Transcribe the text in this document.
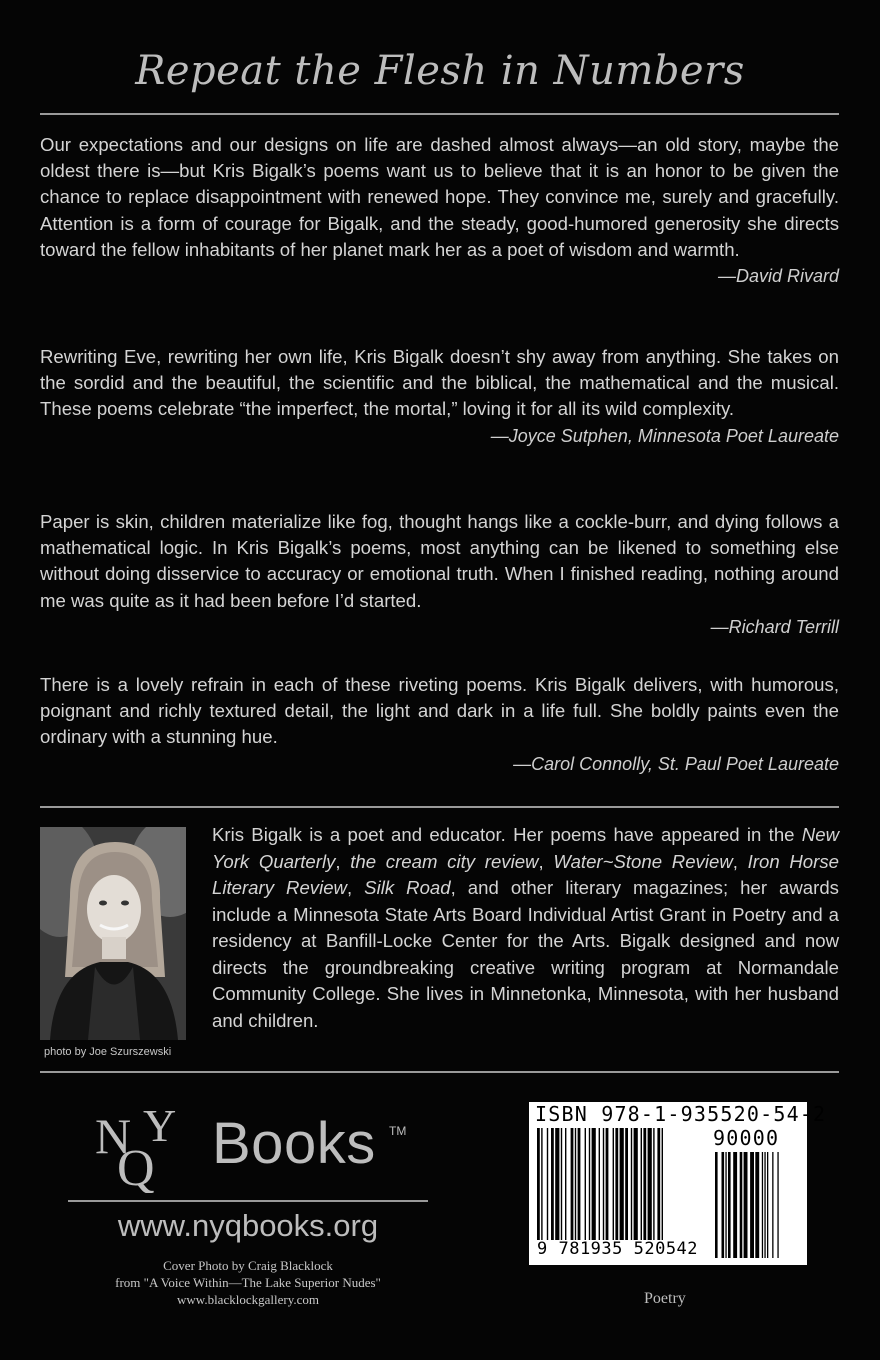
Repeat the Flesh in Numbers

Our expectations and our designs on life are dashed almost always—an old story, maybe the oldest there is—but Kris Bigalk’s poems want us to believe that it is an honor to be given the chance to replace disappointment with renewed hope. They convince me, surely and gracefully. Attention is a form of courage for Bigalk, and the steady, good-humored generosity she directs toward the fellow inhabitants of her planet mark her as a poet of wisdom and warmth.

—David Rivard

Rewriting Eve, rewriting her own life, Kris Bigalk doesn’t shy away from anything. She takes on the sordid and the beautiful, the scientific and the biblical, the mathematical and the musical. These poems celebrate “the imperfect, the mortal,” loving it for all its wild complexity.

—Joyce Sutphen, Minnesota Poet Laureate

Paper is skin, children materialize like fog, thought hangs like a cockle-burr, and dying follows a mathematical logic. In Kris Bigalk’s poems, most anything can be likened to something else without doing disservice to accuracy or emotional truth. When I finished reading, nothing around me was quite as it had been before I’d started.

—Richard Terrill

There is a lovely refrain in each of these riveting poems. Kris Bigalk delivers, with humorous, poignant and richly textured detail, the light and dark in a life full. She boldly paints even the ordinary with a stunning hue.

—Carol Connolly, St. Paul Poet Laureate

photo by Joe Szurszewski

Kris Bigalk is a poet and educator. Her poems have appeared in the New York Quarterly, the cream city review, Water~Stone Review, Iron Horse Literary Review, Silk Road, and other literary magazines; her awards include a Minnesota State Arts Board Individual Artist Grant in Poetry and a residency at Banfill-Locke Center for the Arts. Bigalk designed and now directs the groundbreaking creative writing program at Normandale Community College. She lives in Minnetonka, Minnesota, with her husband and children.

N Y
Q Books TM
www.nyqbooks.org
Cover Photo by Craig Blacklock
from "A Voice Within—The Lake Superior Nudes"
www.blacklockgallery.com
ISBN 978-1-935520-54-2
90000
9 781935 520542
Poetry
